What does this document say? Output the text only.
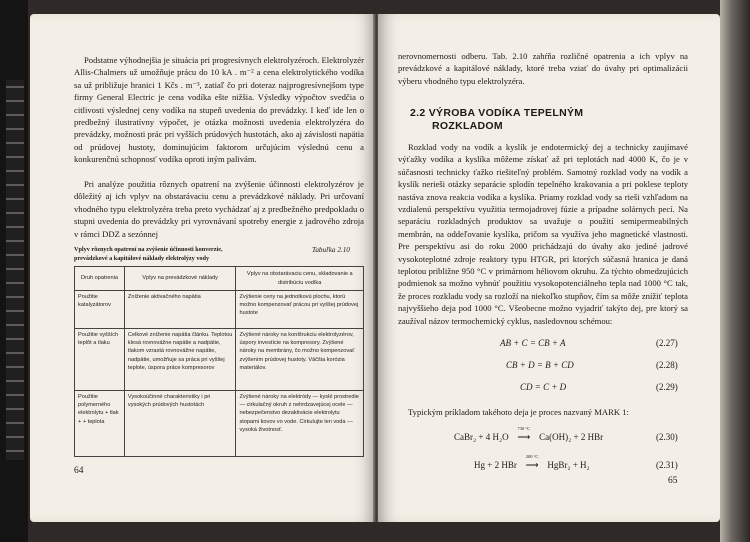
Podstatne výhodnejšia je situácia pri progresívnych elektrolyzéroch. Elektrolyzér Allis-Chalmers už umožňuje prácu do 10 kA . m⁻² a cena elektrolytického vodíka sa už približuje hranici 1 Kčs . m⁻³, zatiaľ čo pri doteraz najprogresívnejšom type firmy General Electric je cena vodíka ešte nižšia. Výsledky výpočtov svedčia o citlivosti výslednej ceny vodíka na stupeň uvedenia do prevádzky. I keď ide len o predbežný ilustratívny výpočet, je otázka možnosti uvedenia elektrolyzéra do prevádzky, možnosti prác pri vyšších prúdových hustotách, ako aj závislosti napätia od prúdovej hustoty, dominujúcim faktorom určujúcim výslednú cenu a konkurenčnú schopnosť vodíka oproti iným palivám.

Pri analýze použitia rôznych opatrení na zvýšenie účinnosti elektrolyzérov je dôležitý aj ich vplyv na obstarávaciu cenu a prevádzkové náklady. Pri určovaní vhodného typu elektrolyzéra treba preto vychádzať aj z predbežného predpokladu o stupni uvedenia do prevádzky pri vyrovnávaní spotreby energie z jadrového zdroja v rámci DDZ a sezónnej

Vplyv rôznych opatrení na zvýšenie účinnosti konverzie,
prevádzkové a kapitálové náklady elektrolýzy vody
Tabuľka 2.10
Druh opatrenia	Vplyv na prevádzkové náklady	Vplyv na obstarávaciu cenu, skladovanie a distribúciu vodíka
Použitie katalyzátorov	Zníženie aktivačného napätia	Zvýšenie ceny na jednotkovú plochu, ktorú možno kompenzovať prácou pri vyššej prúdovej hustote
Použitie vyšších teplôt a tlaku	Celkové zníženie napätia článku. Teplotou klesá rovnovážne napätie a nadpätie, tlakom vzrastá rovnovážne napätie, nadpätie, umožňuje sa práca pri vyššej teplote, úspora práce kompresorov	Zvýšené nároky na konštrukciu elektrolyzérov, úspory investície na kompresory. Zvýšené nároky na membrány, čo možno kompenzovať zvýšením prúdovej hustoty. Väčšia korózia materiálov.
Použitie polymerného elektrolytu + tlak + + teplota	Vysokoúčinné charakteristiky i pri vysokých prúdových hustotách	Zvýšené nároky na elektródy — kyslé prostredie — cirkulačný okruh z nehrdzavejúcej ocele — nebezpečenstvo dezaktivácie elektrolytu stopami kovov vo vode. Cirkulujte len voda — vysoká životnosť.
64

nerovnomernosti odberu. Tab. 2.10 zahŕňa rozličné opatrenia a ich vplyv na prevádzkové a kapitálové náklady, ktoré treba vziať do úvahy pri optimalizácii výberu vhodného typu elektrolyzéra.

2.2 VÝROBA VODÍKA TEPELNÝM
ROZKLADOM

Rozklad vody na vodík a kyslík je endotermický dej a technicky zaujímavé výťažky vodíka a kyslíka môžeme získať až pri teplotách nad 4000 K, čo je v súčasnosti technicky ťažko riešiteľný problém. Samotný rozklad vody na vodík a kyslík nerieši otázky separácie splodín tepelného krakovania a pri poklese teploty nastáva znova reakcia vodíka a kyslíka. Priamy rozklad vody sa rieši vzhľadom na vzdialenú perspektívu využitia termojadrovej fúzie a prípadne solárnych pecí. Na separáciu rozkladných produktov sa uvažuje o použití semipermeabilných membrán, na oddeľovanie kyslíka, pričom sa využíva jeho magnetické vlastnosti. Pre perspektívu asi do roku 2000 prichádzajú do úvahy ako jediné jadrové vysokoteplotné zdroje reaktory typu HTGR, pri ktorých súčasná hranica je daná teplotou približne 950 °C v primárnom héliovom okruhu. Za týchto obmedzujúcich podmienok sa možno vyhnúť použitiu vysokopotenciálneho tepla nad 1000 °C tak, že proces rozkladu vody sa rozloží na niekoľko stupňov, čím sa môže znížiť teplota najvyššieho deja pod 1000 °C. Všeobecne možno vyjadriť takýto dej, pre ktorý sa zaužíval názov termochemický cyklus, nasledovnou schémou:

AB + C = CB + A	(2.27)
CB + D = B + CD	(2.28)
CD = C + D	(2.29)

Typickým príkladom takéhoto deja je proces nazvaný MARK 1:

CaBr₂ + 4 H₂O
730 °C
⟶ Ca(OH)₂ + 2 HBr	(2.30)
Hg + 2 HBr
200 °C
⟶ HgBr₂ + H₂	(2.31)
65
